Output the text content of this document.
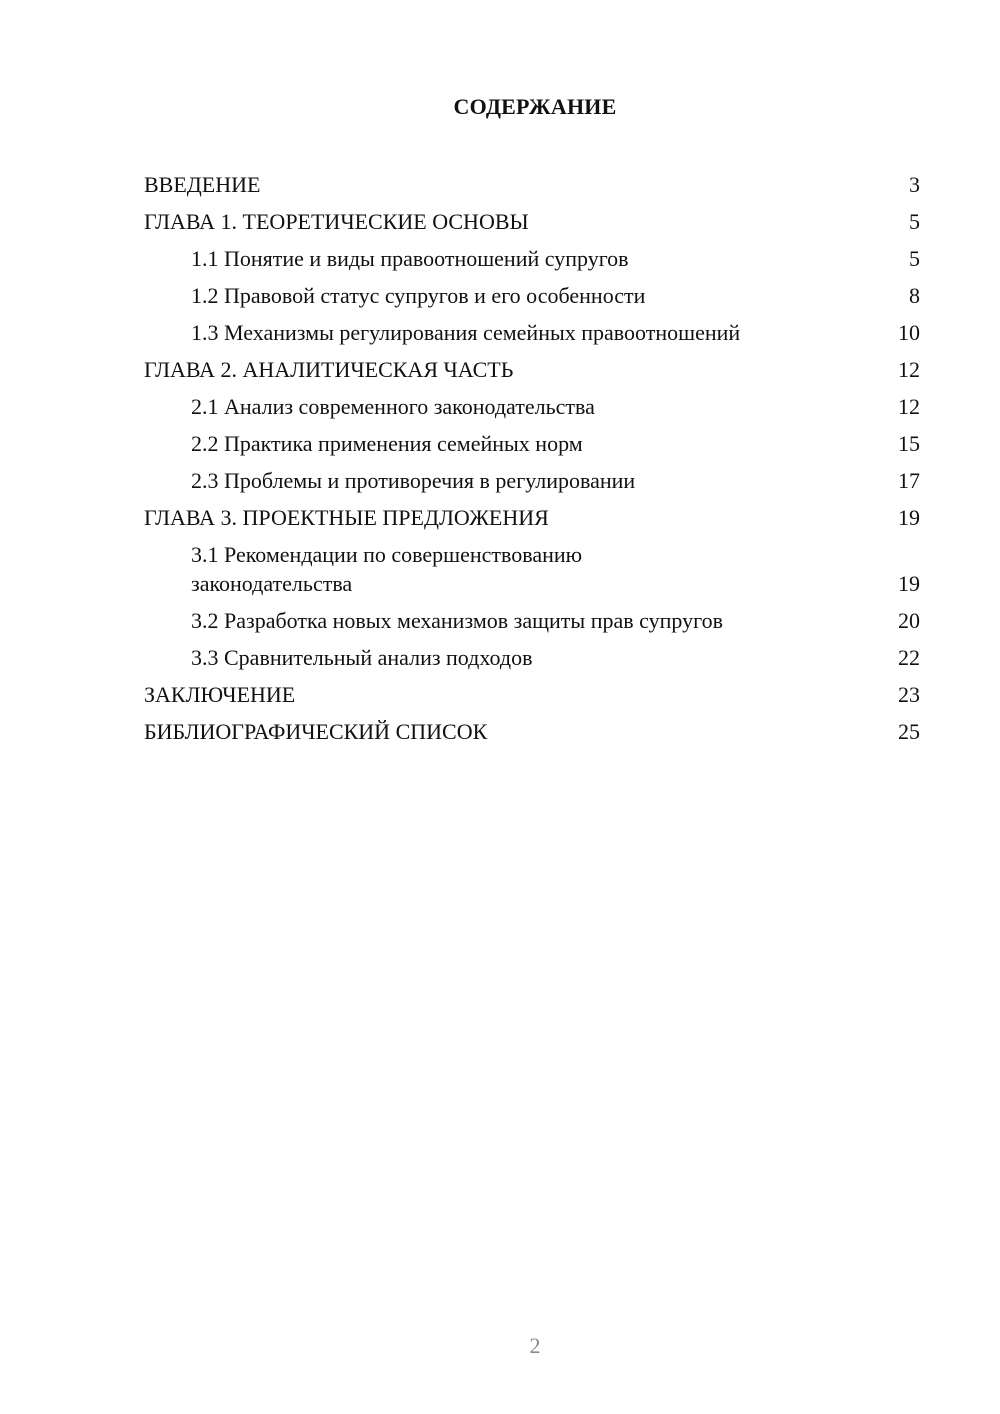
СОДЕРЖАНИЕ
ВВЕДЕНИЕ	3
ГЛАВА 1. ТЕОРЕТИЧЕСКИЕ ОСНОВЫ	5
1.1 Понятие и виды правоотношений супругов	5
1.2 Правовой статус супругов и его особенности	8
1.3 Механизмы регулирования семейных правоотношений	10
ГЛАВА 2. АНАЛИТИЧЕСКАЯ ЧАСТЬ	12
2.1 Анализ современного законодательства	12
2.2 Практика применения семейных норм	15
2.3 Проблемы и противоречия в регулировании	17
ГЛАВА 3. ПРОЕКТНЫЕ ПРЕДЛОЖЕНИЯ	19
3.1 Рекомендации по совершенствованию
законодательства	19
3.2 Разработка новых механизмов защиты прав супругов	20
3.3 Сравнительный анализ подходов	22
ЗАКЛЮЧЕНИЕ	23
БИБЛИОГРАФИЧЕСКИЙ СПИСОК	25
2
